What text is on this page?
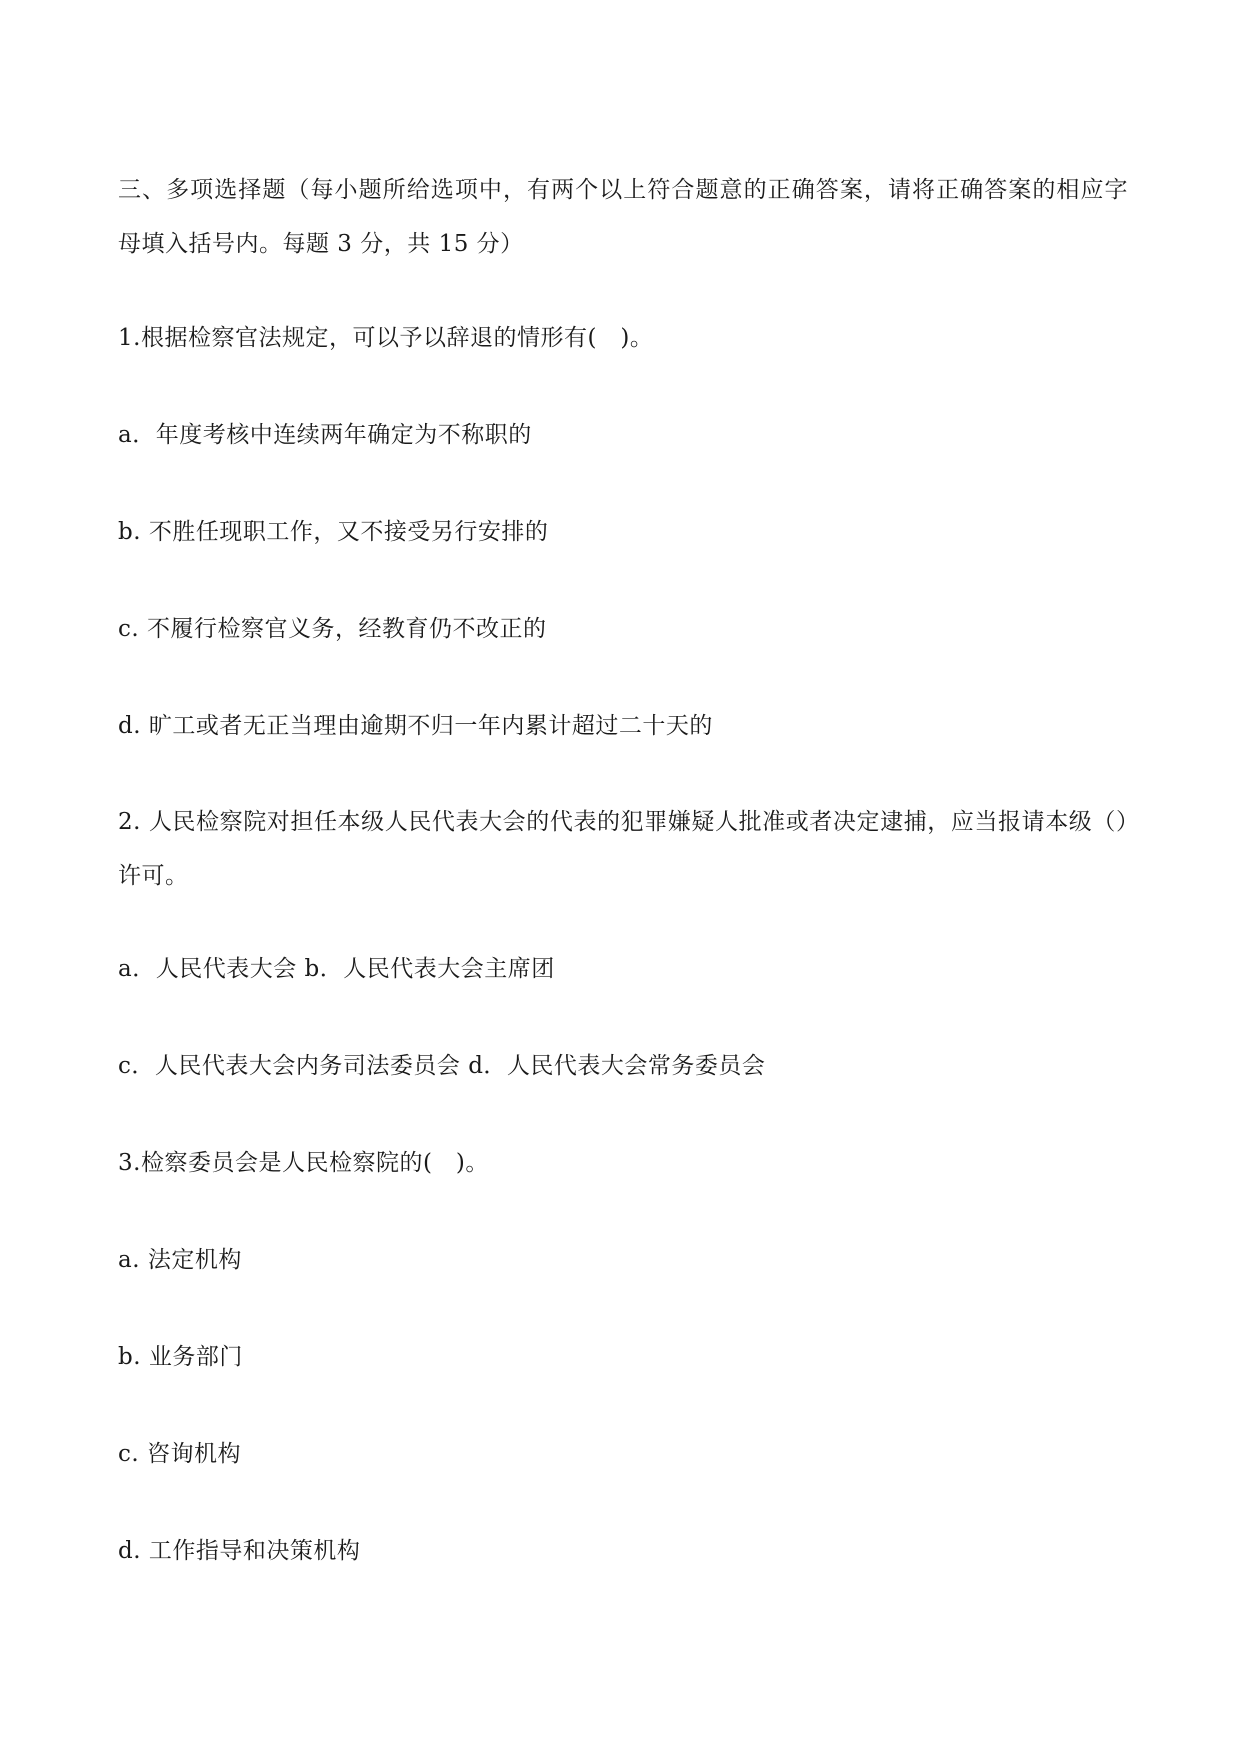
三、多项选择题（每小题所给选项中，有两个以上符合题意的正确答案，请将正确答案的相应字母填入括号内。每题 3 分，共 15 分）
1.根据检察官法规定，可以予以辞退的情形有(　)。
a．年度考核中连续两年确定为不称职的
b. 不胜任现职工作，又不接受另行安排的
c. 不履行检察官义务，经教育仍不改正的
d. 旷工或者无正当理由逾期不归一年内累计超过二十天的
2. 人民检察院对担任本级人民代表大会的代表的犯罪嫌疑人批准或者决定逮捕，应当报请本级（）许可。
a．人民代表大会 b．人民代表大会主席团
c．人民代表大会内务司法委员会 d．人民代表大会常务委员会
3.检察委员会是人民检察院的(　)。
a. 法定机构
b. 业务部门
c. 咨询机构
d. 工作指导和决策机构
